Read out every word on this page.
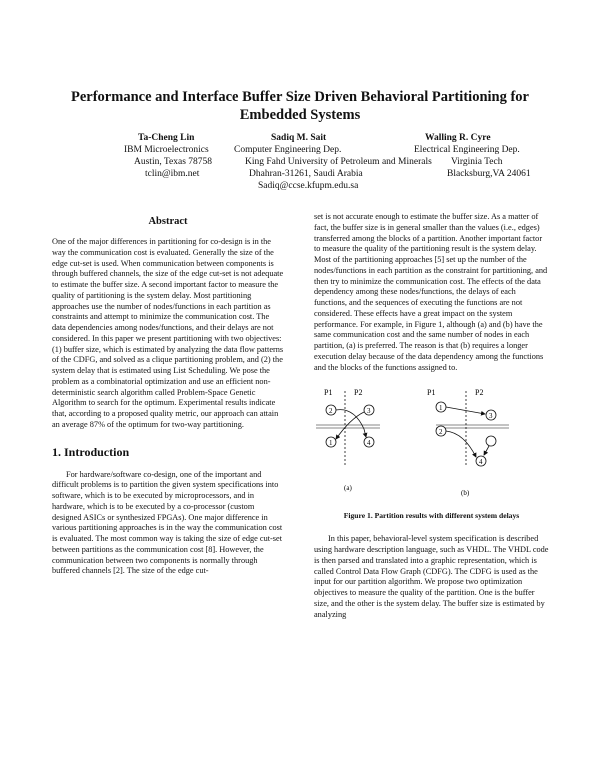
Performance and Interface Buffer Size Driven Behavioral Partitioning for
Embedded Systems
Ta-Cheng Lin
IBM Microelectronics
Austin, Texas 78758
tclin@ibm.net
Sadiq M. Sait
Computer Engineering Dep.
King Fahd University of Petroleum and Minerals
Dhahran-31261, Saudi Arabia
Sadiq@ccse.kfupm.edu.sa
Walling R. Cyre
Electrical Engineering Dep.
Virginia Tech
Blacksburg,VA 24061
Abstract

One of the major differences in partitioning for co-design is in the way the communication cost is evaluated. Generally the size of the edge cut-set is used. When communication between components is through buffered channels, the size of the edge cut-set is not adequate to estimate the buffer size. A second important factor to measure the quality of partitioning is the system delay. Most partitioning approaches use the number of nodes/functions in each partition as constraints and attempt to minimize the communication cost. The data dependencies among nodes/functions, and their delays are not considered. In this paper we present partitioning with two objectives: (1) buffer size, which is estimated by analyzing the data flow patterns of the CDFG, and solved as a clique partitioning problem, and (2) the system delay that is estimated using List Scheduling. We pose the problem as a combinatorial optimization and use an efficient non-deterministic search algorithm called Problem-Space Genetic Algorithm to search for the optimum. Experimental results indicate that, according to a proposed quality metric, our approach can attain an average 87% of the optimum for two-way partitioning.

1. Introduction

For hardware/software co-design, one of the important and difficult problems is to partition the given system specifications into software, which is to be executed by microprocessors, and in hardware, which is to be executed by a co-processor (custom designed ASICs or synthesized FPGAs). One major difference in various partitioning approaches is in the way the communication cost is evaluated. The most common way is taking the size of edge cut-set between partitions as the communication cost [8]. However, the communication between two components is normally through buffered channels [2]. The size of the edge cut-

set is not accurate enough to estimate the buffer size. As a matter of fact, the buffer size is in general smaller than the values (i.e., edges) transferred among the blocks of a partition. Another important factor to measure the quality of the partitioning result is the system delay. Most of the partitioning approaches [5] set up the number of the nodes/functions in each partition as the constraint for partitioning, and then try to minimize the communication cost. The effects of the data dependency among these nodes/functions, the delays of each functions, and the sequences of executing the functions are not considered. These effects have a great impact on the system performance. For example, in Figure 1, although (a) and (b) have the same communication cost and the same number of nodes in each partition, (a) is preferred. The reason is that (b) requires a longer execution delay because of the data dependency among the functions and the blocks of the functions assigned to.

P1	P2
2	3
1	4
(a)
P1	P2
1
2
3
4
(b)
Figure 1. Partition results with different system delays

In this paper, behavioral-level system specification is described using hardware description language, such as VHDL. The VHDL code is then parsed and translated into a graphic representation, which is called Control Data Flow Graph (CDFG). The CDFG is used as the input for our partition algorithm. We propose two optimization objectives to measure the quality of the partition. One is the buffer size, and the other is the system delay. The buffer size is estimated by analyzing
